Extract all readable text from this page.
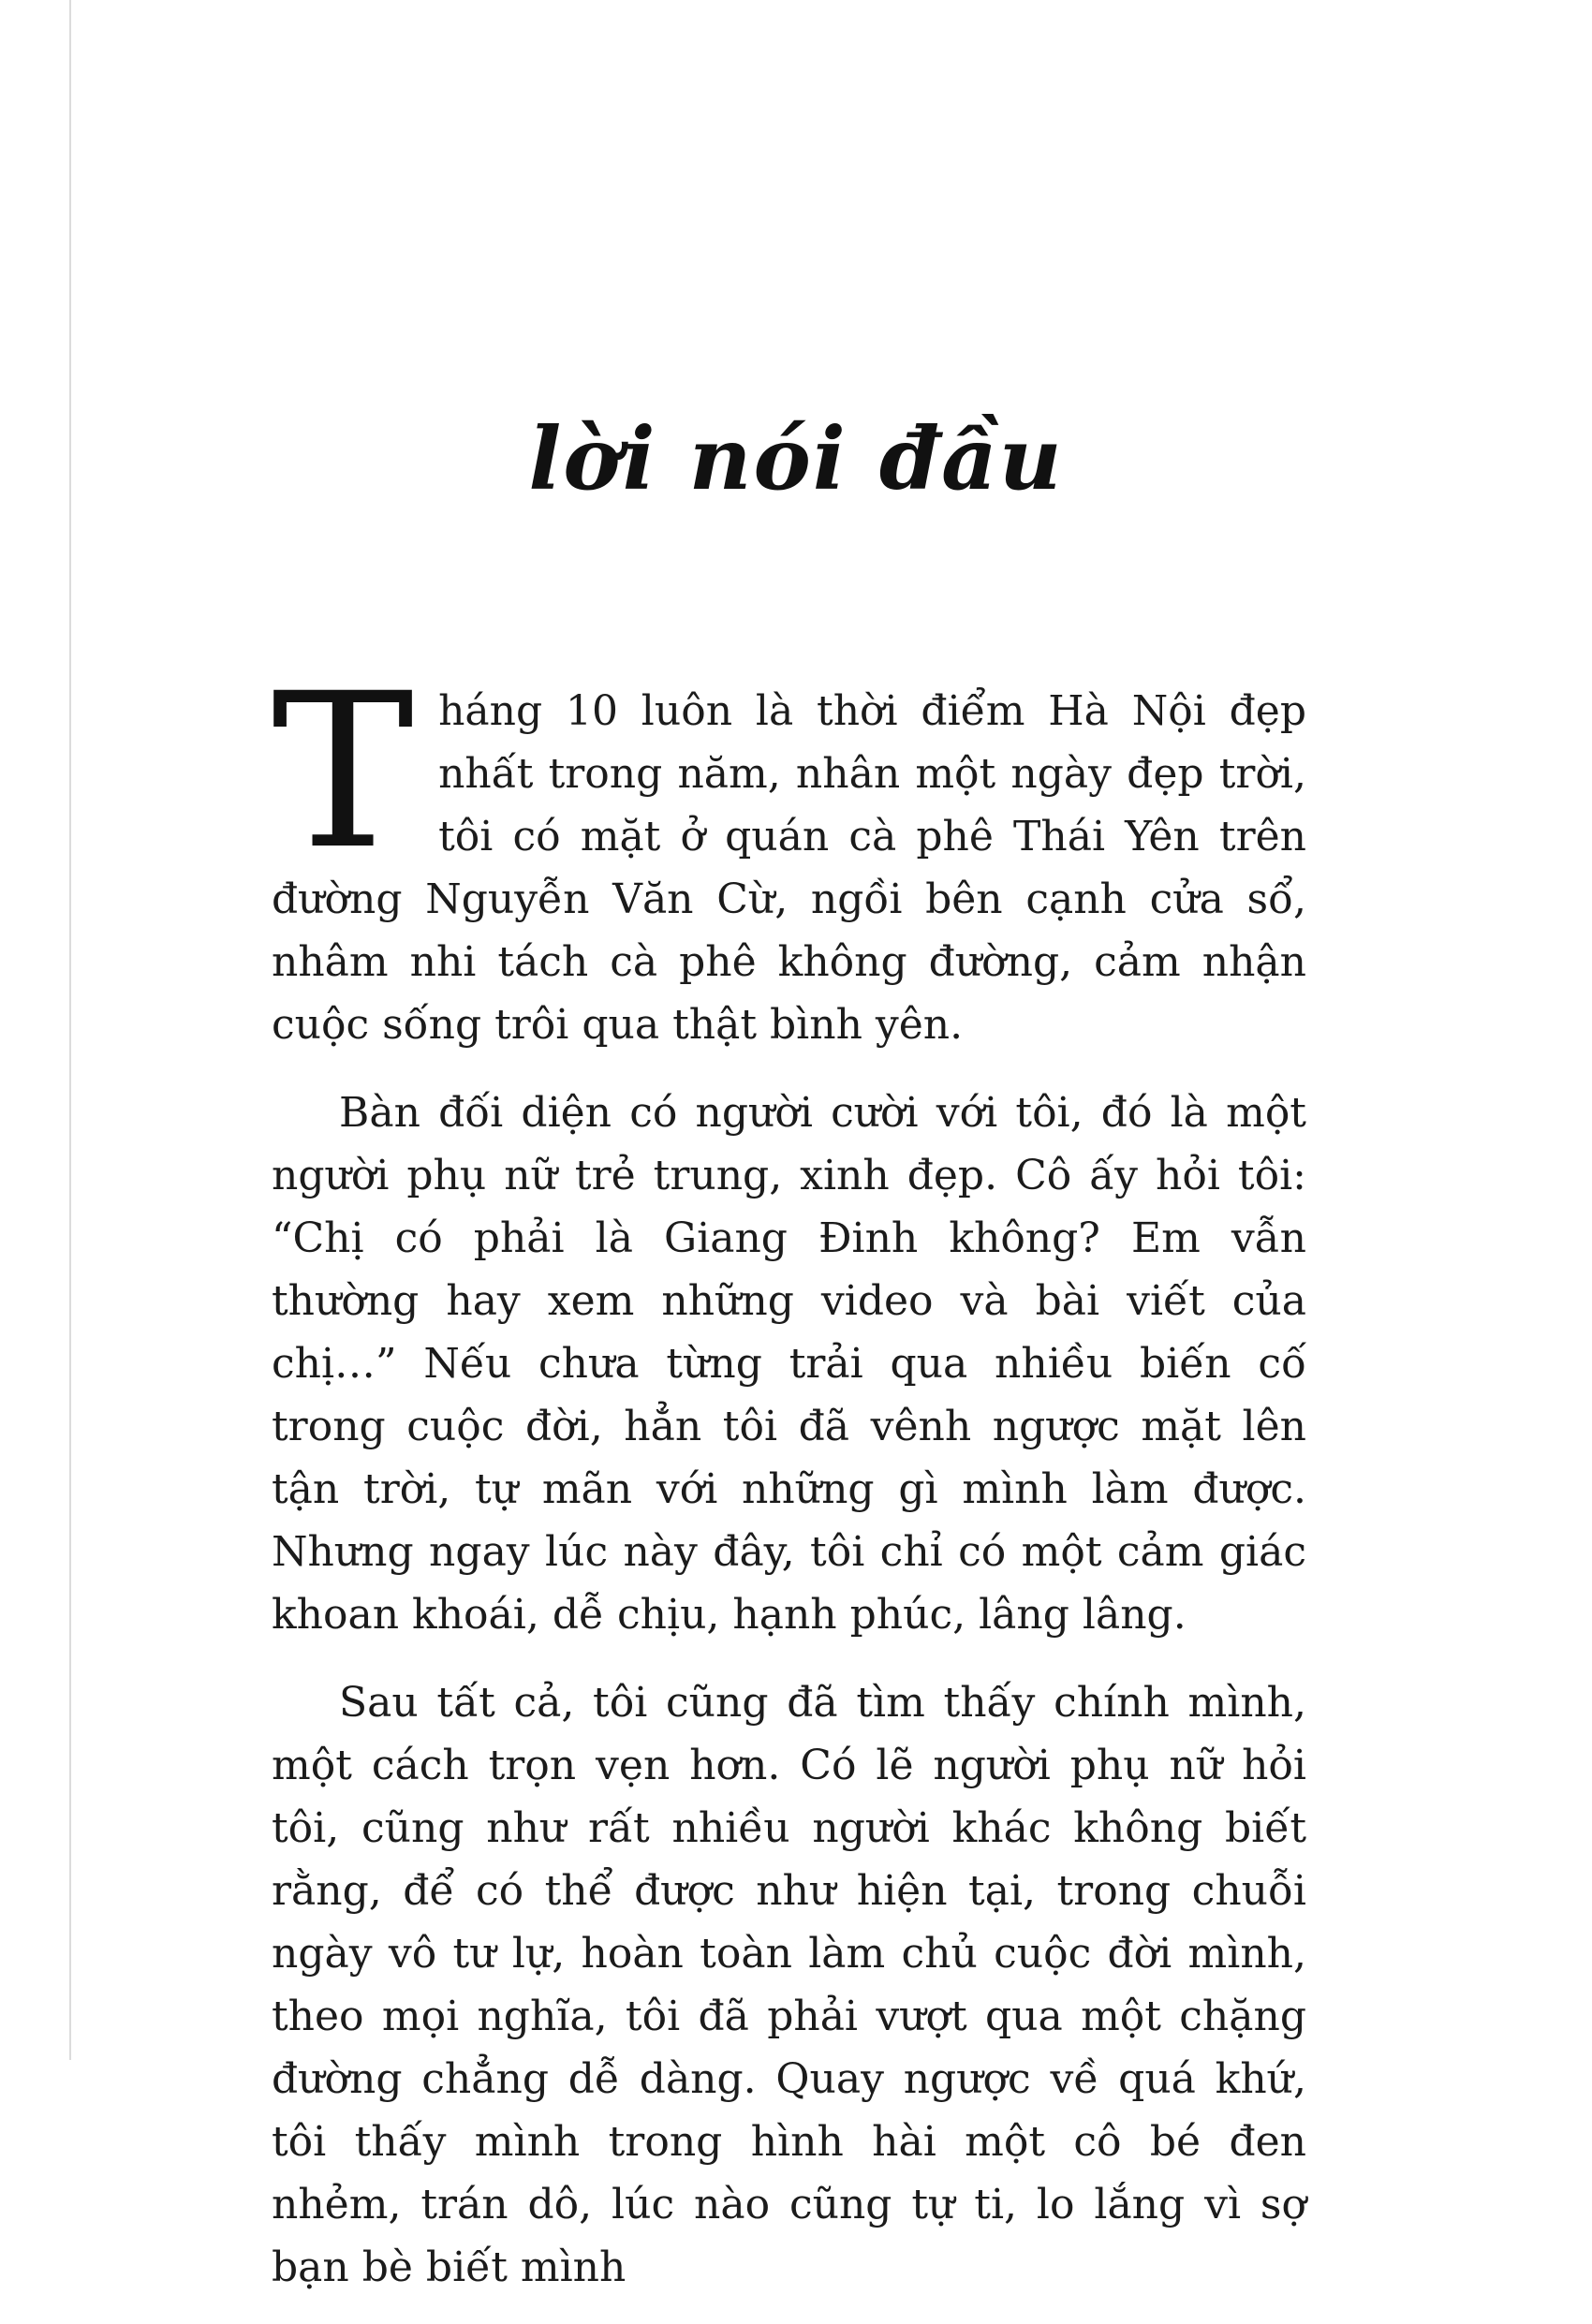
lời nói đầu

Tháng 10 luôn là thời điểm Hà Nội đẹp nhất trong năm, nhân một ngày đẹp trời, tôi có mặt ở quán cà phê Thái Yên trên đường Nguyễn Văn Cừ, ngồi bên cạnh cửa sổ, nhâm nhi tách cà phê không đường, cảm nhận cuộc sống trôi qua thật bình yên.

Bàn đối diện có người cười với tôi, đó là một người phụ nữ trẻ trung, xinh đẹp. Cô ấy hỏi tôi: “Chị có phải là Giang Đinh không? Em vẫn thường hay xem những video và bài viết của chị…” Nếu chưa từng trải qua nhiều biến cố trong cuộc đời, hẳn tôi đã vênh ngược mặt lên tận trời, tự mãn với những gì mình làm được. Nhưng ngay lúc này đây, tôi chỉ có một cảm giác khoan khoái, dễ chịu, hạnh phúc, lâng lâng.

Sau tất cả, tôi cũng đã tìm thấy chính mình, một cách trọn vẹn hơn. Có lẽ người phụ nữ hỏi tôi, cũng như rất nhiều người khác không biết rằng, để có thể được như hiện tại, trong chuỗi ngày vô tư lự, hoàn toàn làm chủ cuộc đời mình, theo mọi nghĩa, tôi đã phải vượt qua một chặng đường chẳng dễ dàng. Quay ngược về quá khứ, tôi thấy mình trong hình hài một cô bé đen nhẻm, trán dô, lúc nào cũng tự ti, lo lắng vì sợ bạn bè biết mình
